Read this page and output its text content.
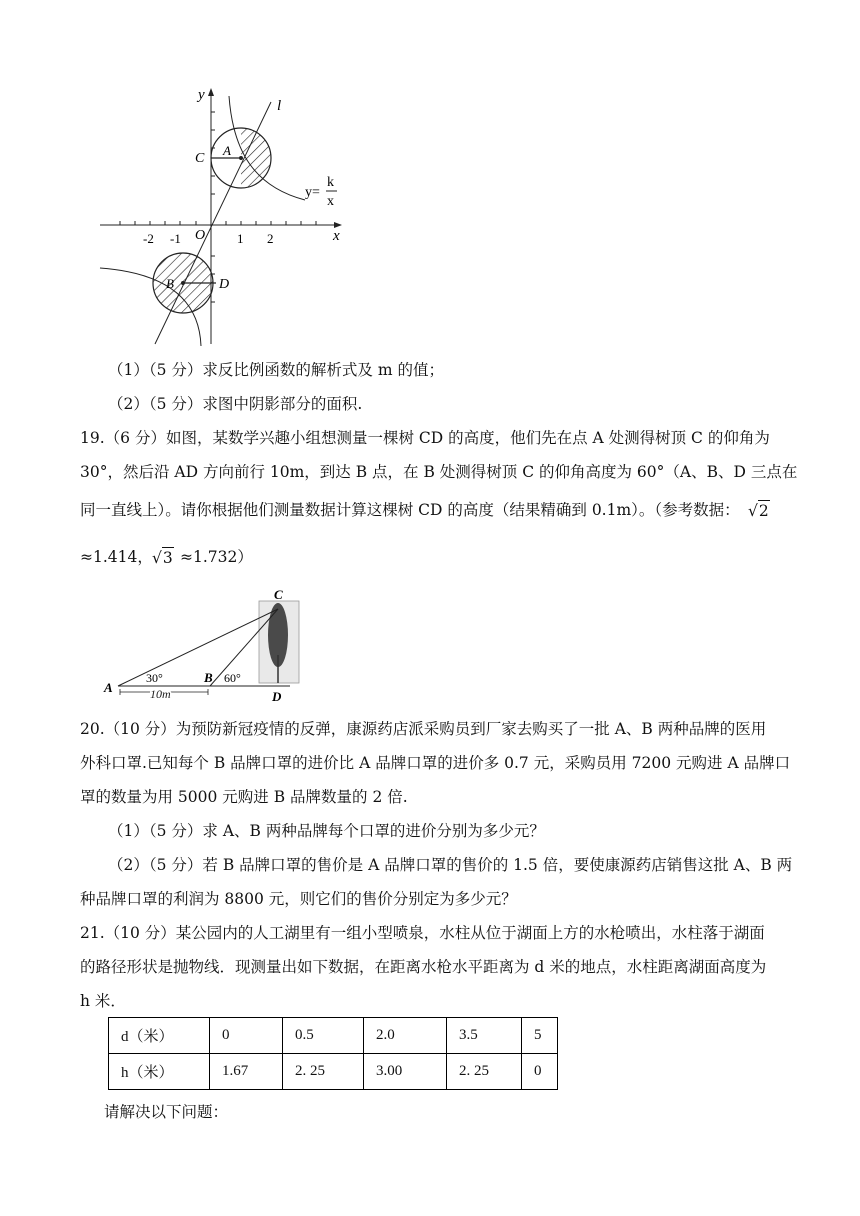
y
x
l
O
-2 -1	1 2
C
A
B	D
y=
k
x
（1）（5 分）求反比例函数的解析式及 m 的值；
（2）（5 分）求图中阴影部分的面积.
19.（6 分）如图，某数学兴趣小组想测量一棵树 CD 的高度，他们先在点 A 处测得树顶 C 的仰角为
30°，然后沿 AD 方向前行 10m，到达 B 点，在 B 处测得树顶 C 的仰角高度为 60°（A、B、D 三点在
同一直线上）。请你根据他们测量数据计算这棵树 CD 的高度（结果精确到 0.1m）。（参考数据： √2
≈1.414， √3 ≈1.732）
C
A
B
D
30°	60°
10m
20.（10 分）为预防新冠疫情的反弹，康源药店派采购员到厂家去购买了一批 A、B 两种品牌的医用
外科口罩.已知每个 B 品牌口罩的进价比 A 品牌口罩的进价多 0.7 元，采购员用 7200 元购进 A 品牌口
罩的数量为用 5000 元购进 B 品牌数量的 2 倍.
（1）（5 分）求 A、B 两种品牌每个口罩的进价分别为多少元？
（2）（5 分）若 B 品牌口罩的售价是 A 品牌口罩的售价的 1.5 倍，要使康源药店销售这批 A、B 两
种品牌口罩的利润为 8800 元，则它们的售价分别定为多少元？
21.（10 分）某公园内的人工湖里有一组小型喷泉，水柱从位于湖面上方的水枪喷出，水柱落于湖面
的路径形状是抛物线．现测量出如下数据，在距离水枪水平距离为 d 米的地点，水柱距离湖面高度为
h 米．
d（米）	0	0.5	2.0	3.5	5
h（米）	1.67	2. 25	3.00	2. 25	0
请解决以下问题：
